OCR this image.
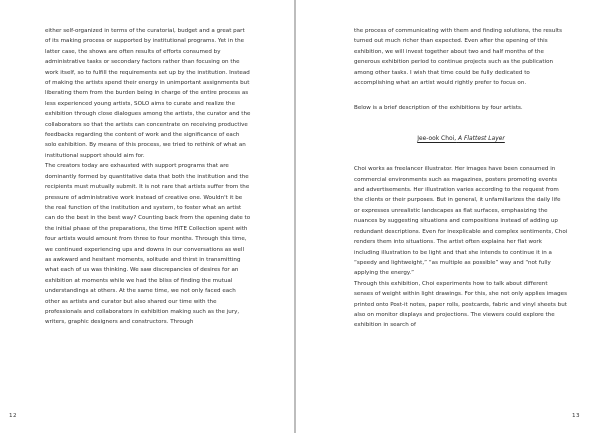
either self-organized in terms of the curatorial, budget and a great part of its making process or supported by institutional programs. Yet in the latter case, the shows are often results of efforts consumed by administrative tasks or secondary factors rather than focusing on the work itself, so to fulfill the requirements set up by the institution. Instead of making the artists spend their energy in unimportant assignments but liberating them from the burden being in charge of the entire process as less experienced young artists, SOLO aims to curate and realize the exhibition through close dialogues among the artists, the curator and the collaborators so that the artists can concentrate on receiving productive feedbacks regarding the content of work and the significance of each solo exhibition. By means of this process, we tried to rethink of what an institutional support should aim for.

The creators today are exhausted with support programs that are dominantly formed by quantitative data that both the institution and the recipients must mutually submit. It is not rare that artists suffer from the pressure of administrative work instead of creative one. Wouldn't it be the real function of the institution and system, to foster what an artist can do the best in the best way? Counting back from the opening date to the initial phase of the preparations, the time HITE Collection spent with four artists would amount from three to four months. Through this time, we continued experiencing ups and downs in our conversations as well as awkward and hesitant moments, solitude and thirst in transmitting what each of us was thinking. We saw discrepancies of desires for an exhibition at moments while we had the bliss of finding the mutual understandings at others. At the same time, we not only faced each other as artists and curator but also shared our time with the professionals and collaborators in exhibition making such as the jury, writers, graphic designers and constructors. Through

12

the process of communicating with them and finding solutions, the results turned out much richer than expected. Even after the opening of this exhibition, we will invest together about two and half months of the generous exhibition period to continue projects such as the publication among other tasks. I wish that time could be fully dedicated to accomplishing what an artist would rightly prefer to focus on.

Below is a brief description of the exhibitions by four artists.

Jee-ook Choi, A Flattest Layer

Choi works as freelancer illustrator. Her images have been consumed in commercial environments such as magazines, posters promoting events and advertisements. Her illustration varies according to the request from the clients or their purposes. But in general, it unfamiliarizes the daily life or expresses unrealistic landscapes as flat surfaces, emphasizing the nuances by suggesting situations and compositions instead of adding up redundant descriptions. Even for inexplicable and complex sentiments, Choi renders them into situations. The artist often explains her flat work including illustration to be light and that she intends to continue it in a “speedy and lightweight,” “as multiple as possible” way and “not fully applying the energy.”

Through this exhibition, Choi experiments how to talk about different senses of weight within light drawings. For this, she not only applies images printed onto Post-it notes, paper rolls, postcards, fabric and vinyl sheets but also on monitor displays and projections. The viewers could explore the exhibition in search of

13
